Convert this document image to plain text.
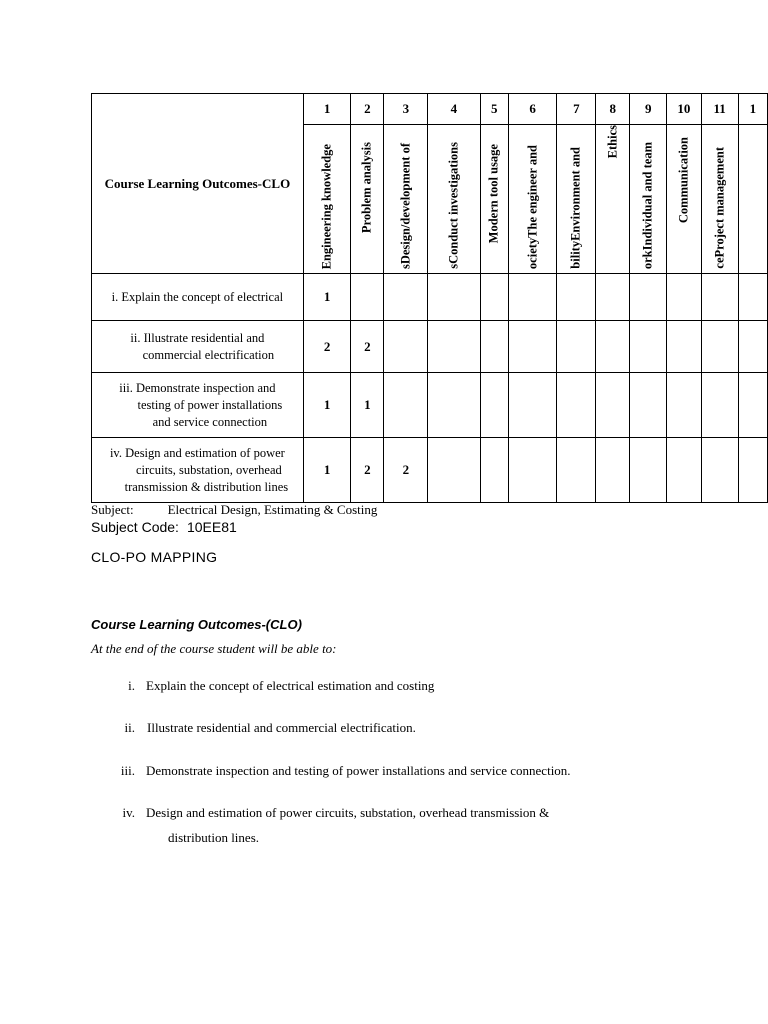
Course Learning Outcomes-CLO	1	2	3	4	5	6	7	8	9	10	11	1

	Engineering knowledge	Problem analysis	sDesign/development of	sConduct investigations	Modern tool usage	ocietyThe engineer and	bilityEnvironment and	Ethics	orkIndividual and team	Communication	ceProject management	

i. Explain the concept of electrical	1											
ii. Illustrate residential and
commercial electrification	2	2										
iii. Demonstrate inspection and
testing of power installations
and service connection	1	1										
iv. Design and estimation of power
circuits, substation, overhead
transmission & distribution lines	1	2	2									
Subject:	Electrical Design, Estimating & Costing
Subject Code: 10EE81
CLO-PO MAPPING
Course Learning Outcomes-(CLO)
At the end of the course student will be able to:
i. Explain the concept of electrical estimation and costing
ii. Illustrate residential and commercial electrification.
iii. Demonstrate inspection and testing of power installations and service connection.
iv. Design and estimation of power circuits, substation, overhead transmission &
distribution lines.
